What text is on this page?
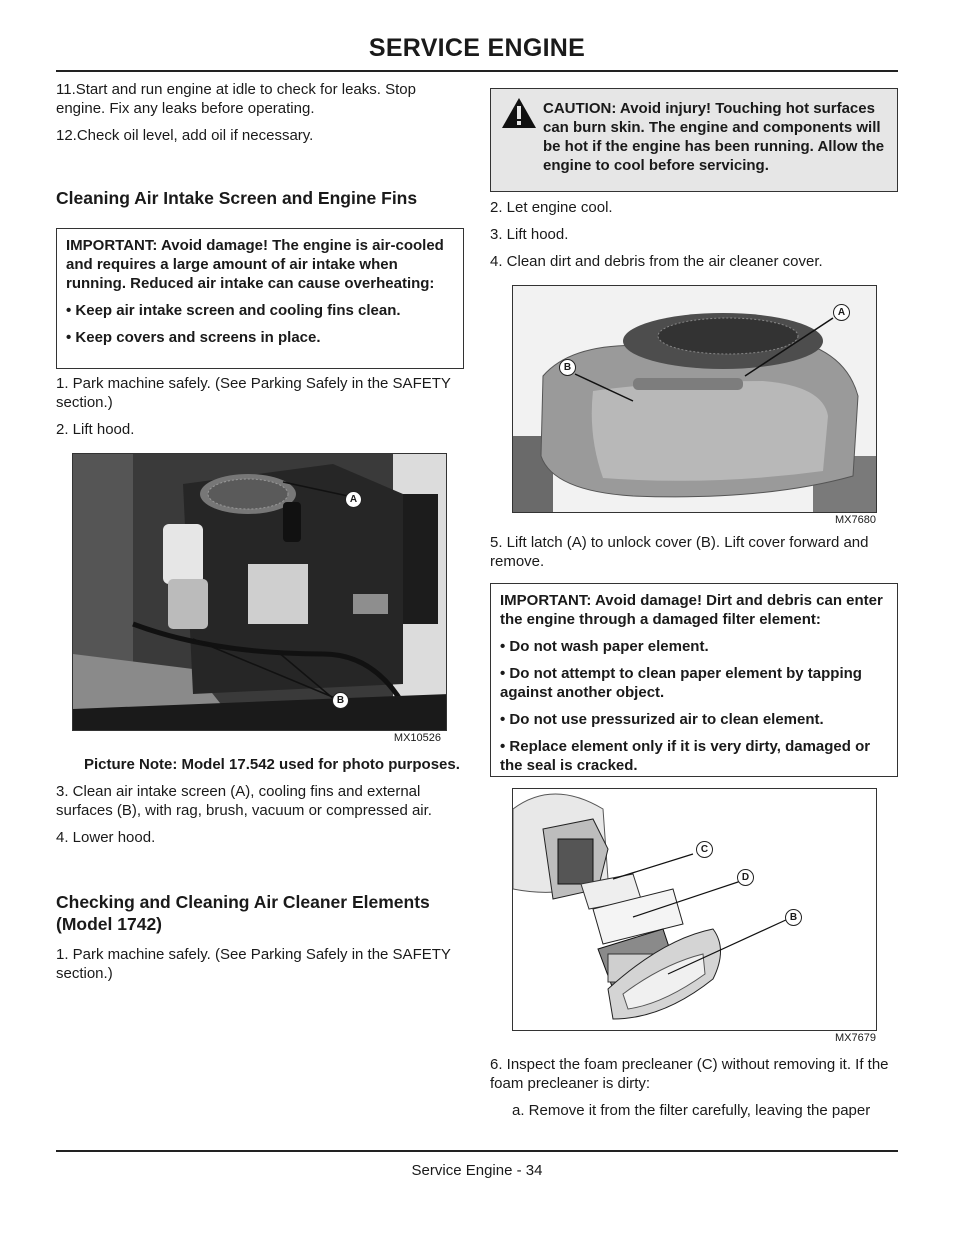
SERVICE ENGINE

11.Start and run engine at idle to check for leaks. Stop engine. Fix any leaks before operating.

12.Check oil level, add oil if necessary.

Cleaning Air Intake Screen and Engine Fins

IMPORTANT: Avoid damage! The engine is air-cooled and requires a large amount of air intake when running. Reduced air intake can cause overheating:

• Keep air intake screen and cooling fins clean.
• Keep covers and screens in place.

1. Park machine safely. (See Parking Safely in the SAFETY section.)

2. Lift hood.

A
B
MX10526

Picture Note: Model 17.542 used for photo purposes.

3. Clean air intake screen (A), cooling fins and external surfaces (B), with rag, brush, vacuum or compressed air.

4. Lower hood.

Checking and Cleaning Air Cleaner Elements (Model 1742)

1. Park machine safely. (See Parking Safely in the SAFETY section.)

CAUTION: Avoid injury! Touching hot surfaces can burn skin. The engine and components will be hot if the engine has been running. Allow the engine to cool before servicing.

2. Let engine cool.

3. Lift hood.

4. Clean dirt and debris from the air cleaner cover.

A
B
MX7680

5. Lift latch (A) to unlock cover (B). Lift cover forward and remove.

IMPORTANT: Avoid damage! Dirt and debris can enter the engine through a damaged filter element:

• Do not wash paper element.
• Do not attempt to clean paper element by tapping against another object.
• Do not use pressurized air to clean element.
• Replace element only if it is very dirty, damaged or the seal is cracked.
C
D
B
MX7679

6. Inspect the foam precleaner (C) without removing it. If the foam precleaner is dirty:

a. Remove it from the filter carefully, leaving the paper

Service Engine - 34
